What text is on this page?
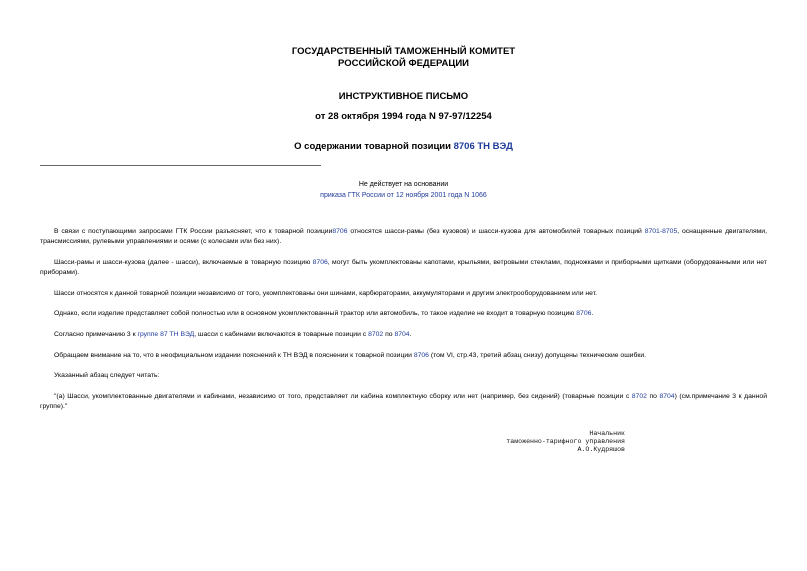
ГОСУДАРСТВЕННЫЙ ТАМОЖЕННЫЙ КОМИТЕТ
РОССИЙСКОЙ ФЕДЕРАЦИИ
ИНСТРУКТИВНОЕ ПИСЬМО
от 28 октября 1994 года N 97-97/12254
О содержании товарной позиции 8706 ТН ВЭД
Не действует на основании
приказа ГТК России от 12 ноября 2001 года N 1066

В связи с поступающими запросами ГТК России разъясняет, что к товарной позиции8706 относятся шасси-рамы (без кузовов) и шасси-кузова для автомобилей товарных позиций 8701-8705, оснащенные двигателями, трансмиссиями, рулевыми управлениями и осями (с колесами или без них).

Шасси-рамы и шасси-кузова (далее - шасси), включаемые в товарную позицию 8706, могут быть укомплектованы капотами, крыльями, ветровыми стеклами, подножками и приборными щитками (оборудованными или нет приборами).

Шасси относятся к данной товарной позиции независимо от того, укомплектованы они шинами, карбюраторами, аккумуляторами и другим электрооборудованием или нет.

Однако, если изделие представляет собой полностью или в основном укомплектованный трактор или автомобиль, то такое изделие не входит в товарную позицию 8706.

Согласно примечанию 3 к группе 87 ТН ВЭД, шасси с кабинами включаются в товарные позиции с 8702 по 8704.

Обращаем внимание на то, что в неофициальном издании пояснений к ТН ВЭД в пояснении к товарной позиции 8706 (том VI, стр.43, третий абзац снизу) допущены технические ошибки.

Указанный абзац следует читать:

"(а) Шасси, укомплектованные двигателями и кабинами, независимо от того, представляет ли кабина комплектную сборку или нет (например, без сидений) (товарные позиции с 8702 по 8704) (см.примечание 3 к данной группе)."

Начальник
таможенно-тарифного управления
А.О.Кудряшов
